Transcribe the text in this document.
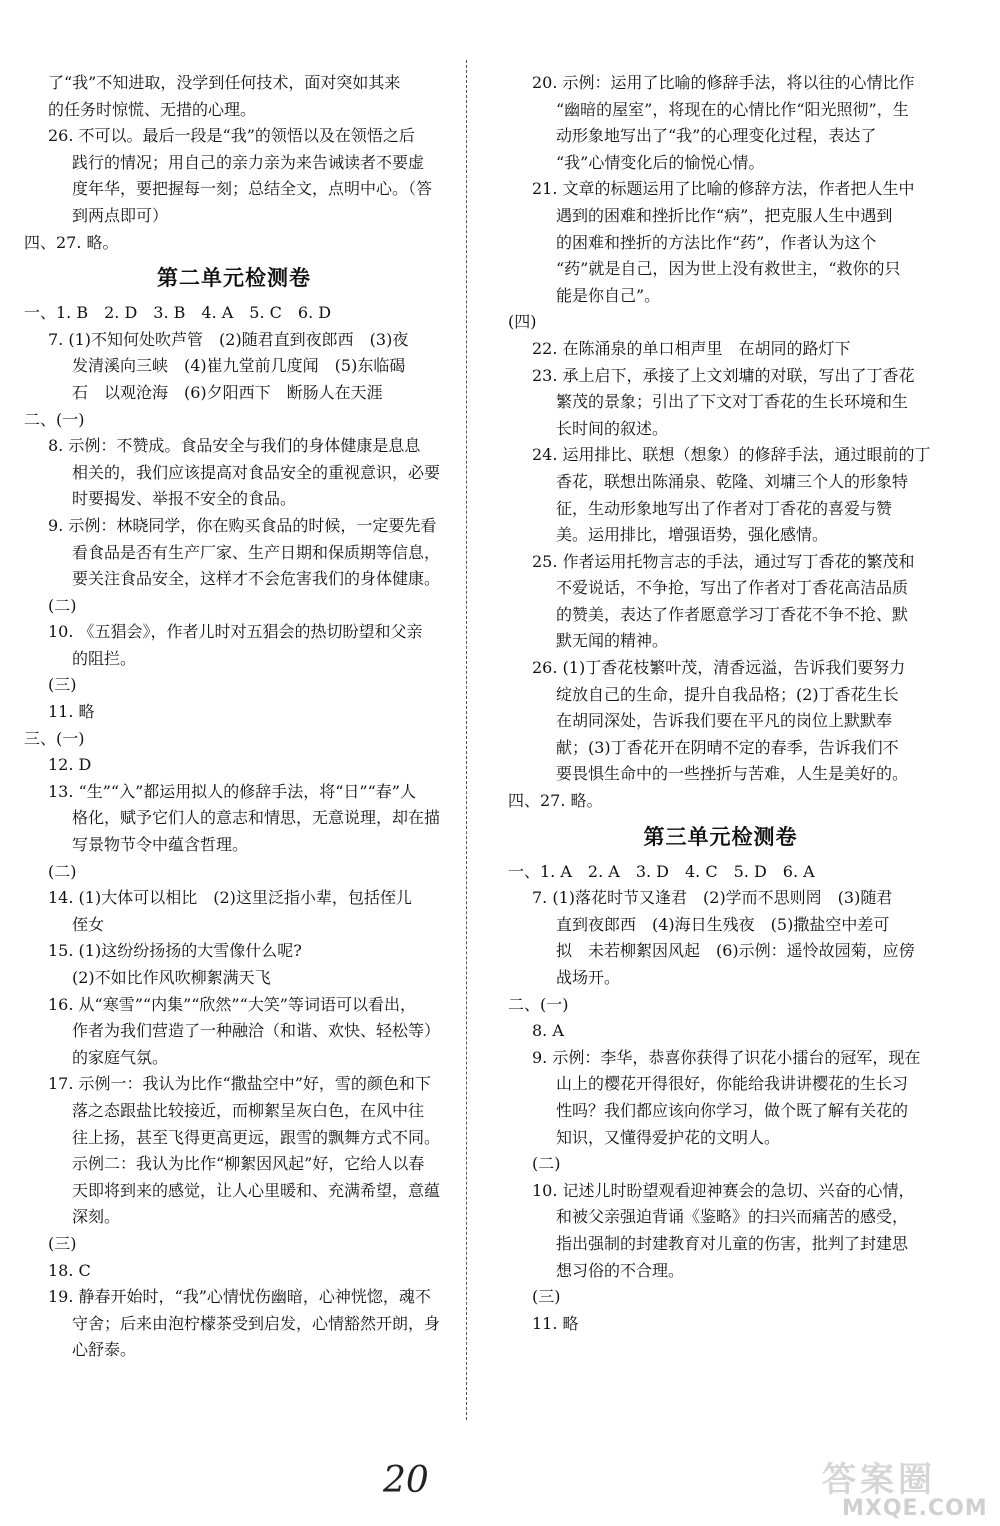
了“我”不知进取，没学到任何技术，面对突如其来
的任务时惊慌、无措的心理。
26. 不可以。最后一段是“我”的领悟以及在领悟之后
践行的情况；用自己的亲力亲为来告诫读者不要虚
度年华，要把握每一刻；总结全文，点明中心。（答
到两点即可）
四、27. 略。
第二单元检测卷
一、1. B　2. D　3. B　4. A　5. C　6. D
7. (1)不知何处吹芦管　(2)随君直到夜郎西　(3)夜
发清溪向三峡　(4)崔九堂前几度闻　(5)东临碣
石　以观沧海　(6)夕阳西下　断肠人在天涯
二、(一)
8. 示例：不赞成。食品安全与我们的身体健康是息息
相关的，我们应该提高对食品安全的重视意识，必要
时要揭发、举报不安全的食品。
9. 示例：林晓同学，你在购买食品的时候，一定要先看
看食品是否有生产厂家、生产日期和保质期等信息，
要关注食品安全，这样才不会危害我们的身体健康。
(二)
10. 《五猖会》，作者儿时对五猖会的热切盼望和父亲
的阻拦。
(三)
11. 略
三、(一)
12. D
13. “生”“入”都运用拟人的修辞手法，将“日”“春”人
格化，赋予它们人的意志和情思，无意说理，却在描
写景物节令中蕴含哲理。
(二)
14. (1)大体可以相比　(2)这里泛指小辈，包括侄儿
侄女
15. (1)这纷纷扬扬的大雪像什么呢?
(2)不如比作风吹柳絮满天飞
16. 从“寒雪”“内集”“欣然”“大笑”等词语可以看出，
作者为我们营造了一种融洽（和谐、欢快、轻松等）
的家庭气氛。
17. 示例一：我认为比作“撒盐空中”好，雪的颜色和下
落之态跟盐比较接近，而柳絮呈灰白色，在风中往
往上扬，甚至飞得更高更远，跟雪的飘舞方式不同。
示例二：我认为比作“柳絮因风起”好，它给人以春
天即将到来的感觉，让人心里暖和、充满希望，意蕴
深刻。
(三)
18. C
19. 静春开始时，“我”心情忧伤幽暗，心神恍惚，魂不
守舍；后来由泡柠檬茶受到启发，心情豁然开朗，身
心舒泰。
20. 示例：运用了比喻的修辞手法，将以往的心情比作
“幽暗的屋室”，将现在的心情比作“阳光照彻”，生
动形象地写出了“我”的心理变化过程，表达了
“我”心情变化后的愉悦心情。
21. 文章的标题运用了比喻的修辞方法，作者把人生中
遇到的困难和挫折比作“病”，把克服人生中遇到
的困难和挫折的方法比作“药”，作者认为这个
“药”就是自己，因为世上没有救世主，“救你的只
能是你自己”。
(四)
22. 在陈涌泉的单口相声里　在胡同的路灯下
23. 承上启下，承接了上文刘墉的对联，写出了丁香花
繁茂的景象；引出了下文对丁香花的生长环境和生
长时间的叙述。
24. 运用排比、联想（想象）的修辞手法，通过眼前的丁
香花，联想出陈涌泉、乾隆、刘墉三个人的形象特
征，生动形象地写出了作者对丁香花的喜爱与赞
美。运用排比，增强语势，强化感情。
25. 作者运用托物言志的手法，通过写丁香花的繁茂和
不爱说话，不争抢，写出了作者对丁香花高洁品质
的赞美，表达了作者愿意学习丁香花不争不抢、默
默无闻的精神。
26. (1)丁香花枝繁叶茂，清香远溢，告诉我们要努力
绽放自己的生命，提升自我品格；(2)丁香花生长
在胡同深处，告诉我们要在平凡的岗位上默默奉
献；(3)丁香花开在阴晴不定的春季，告诉我们不
要畏惧生命中的一些挫折与苦难，人生是美好的。
四、27. 略。
第三单元检测卷
一、1. A　2. A　3. D　4. C　5. D　6. A
7. (1)落花时节又逢君　(2)学而不思则罔　(3)随君
直到夜郎西　(4)海日生残夜　(5)撒盐空中差可
拟　未若柳絮因风起　(6)示例：遥怜故园菊，应傍
战场开。
二、(一)
8. A
9. 示例：李华，恭喜你获得了识花小擂台的冠军，现在
山上的樱花开得很好，你能给我讲讲樱花的生长习
性吗？我们都应该向你学习，做个既了解有关花的
知识，又懂得爱护花的文明人。
(二)
10. 记述儿时盼望观看迎神赛会的急切、兴奋的心情，
和被父亲强迫背诵《鉴略》的扫兴而痛苦的感受，
指出强制的封建教育对儿童的伤害，批判了封建思
想习俗的不合理。
(三)
11. 略
20	答案圈
MXQE.COM
